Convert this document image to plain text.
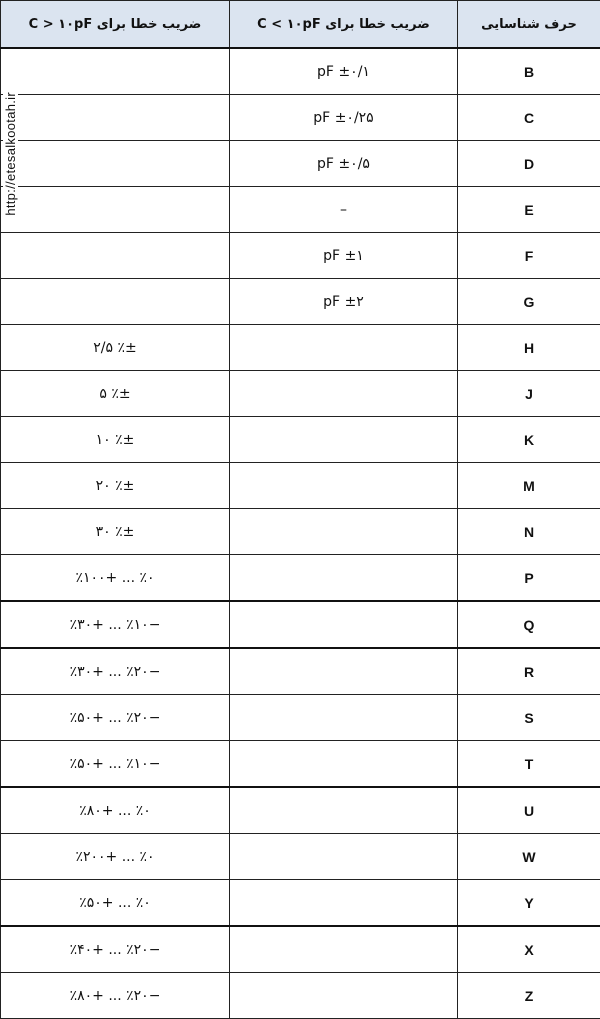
حرف شناسایی	ضریب خطا برای C < ۱۰pF	ضریب خطا برای C > ۱۰pF
B	±۰/۱ pF	
C	±۰/۲۵ pF	
D	±۰/۵ pF	
E	–	
F	±۱ pF	
G	±۲ pF	
H		±٪ ۲/۵
J		±٪ ۵
K		±٪ ۱۰
M		±٪ ۲۰
N		±٪ ۳۰
P		٪۰ ... +٪۱۰۰
Q		−٪۱۰ ... +٪۳۰
R		−٪۲۰ ... +٪۳۰
S		−٪۲۰ ... +٪۵۰
T		−٪۱۰ ... +٪۵۰
U		٪۰ ... +٪۸۰
W		٪۰ ... +٪۲۰۰
Y		٪۰ ... +٪۵۰
X		−٪۲۰ ... +٪۴۰
Z		−٪۲۰ ... +٪۸۰
http://etesalkootah.ir
